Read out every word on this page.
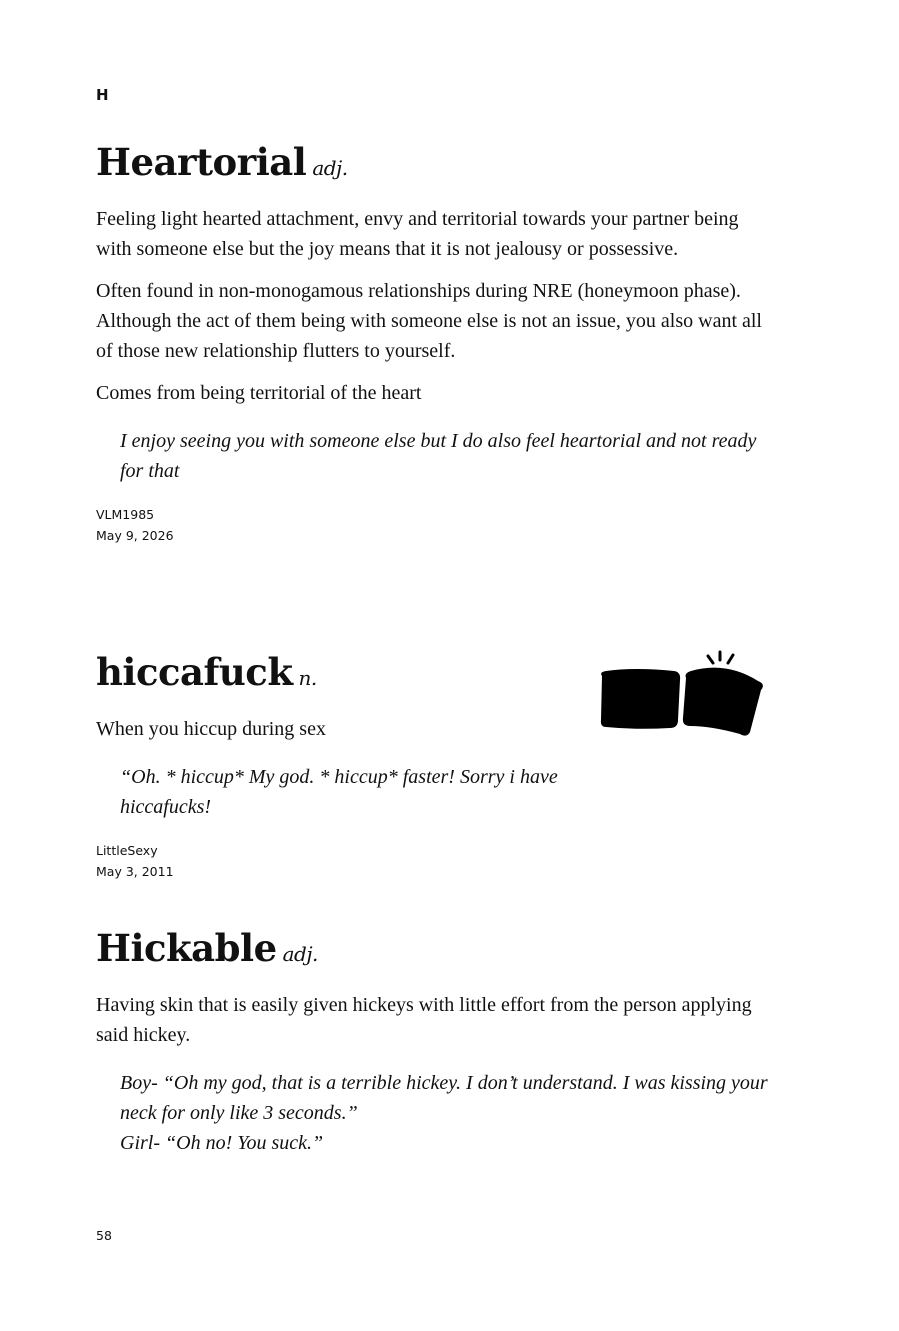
H
Heartorial adj.

Feeling light hearted attachment, envy and territorial towards your partner being with someone else but the joy means that it is not jealousy or possessive.

Often found in non-monogamous relationships during NRE (honeymoon phase). Although the act of them being with someone else is not an issue, you also want all of those new relationship flutters to yourself.

Comes from being territorial of the heart

I enjoy seeing you with someone else but I do also feel heartorial and not ready for that

VLM1985
May 9, 2026
hiccafuck n.

When you hiccup during sex

“Oh. * hiccup* My god. * hiccup* faster! Sorry i have hiccafucks!

LittleSexy
May 3, 2011
Hickable adj.

Having skin that is easily given hickeys with little effort from the person applying said hickey.

Boy- “Oh my god, that is a terrible hickey. I don’t understand. I was kissing your neck for only like 3 seconds.”

Girl- “Oh no! You suck.”

58
